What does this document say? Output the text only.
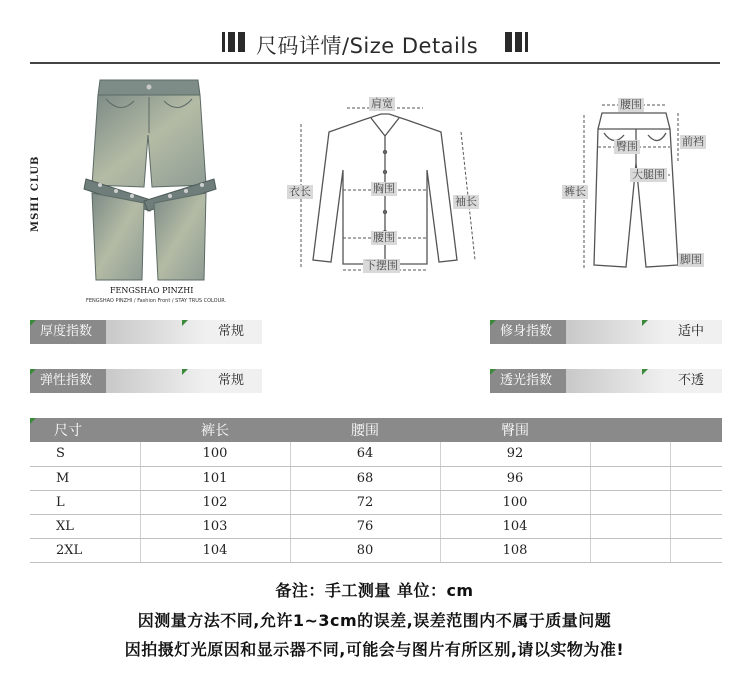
尺码详情/Size Details
MSHI CLUB
FENGSHAO PINZHI
FENGSHAO PINZHI / Fashion Front / STAY TRUS COLOUR.
肩宽
衣长	胸围
袖长
腰围
下摆围
腰围
前裆
臀围
大腿围
裤长
脚围
厚度指数	常规	修身指数	适中
弹性指数	常规	透光指数	不透
尺寸	裤长	腰围	臀围		
S	100	64	92		
M	101	68	96		
L	102	72	100		
XL	103	76	104		
2XL	104	80	108		
备注：手工测量 单位：cm
因测量方法不同,允许1~3cm的误差,误差范围内不属于质量问题
因拍摄灯光原因和显示器不同,可能会与图片有所区别,请以实物为准!
